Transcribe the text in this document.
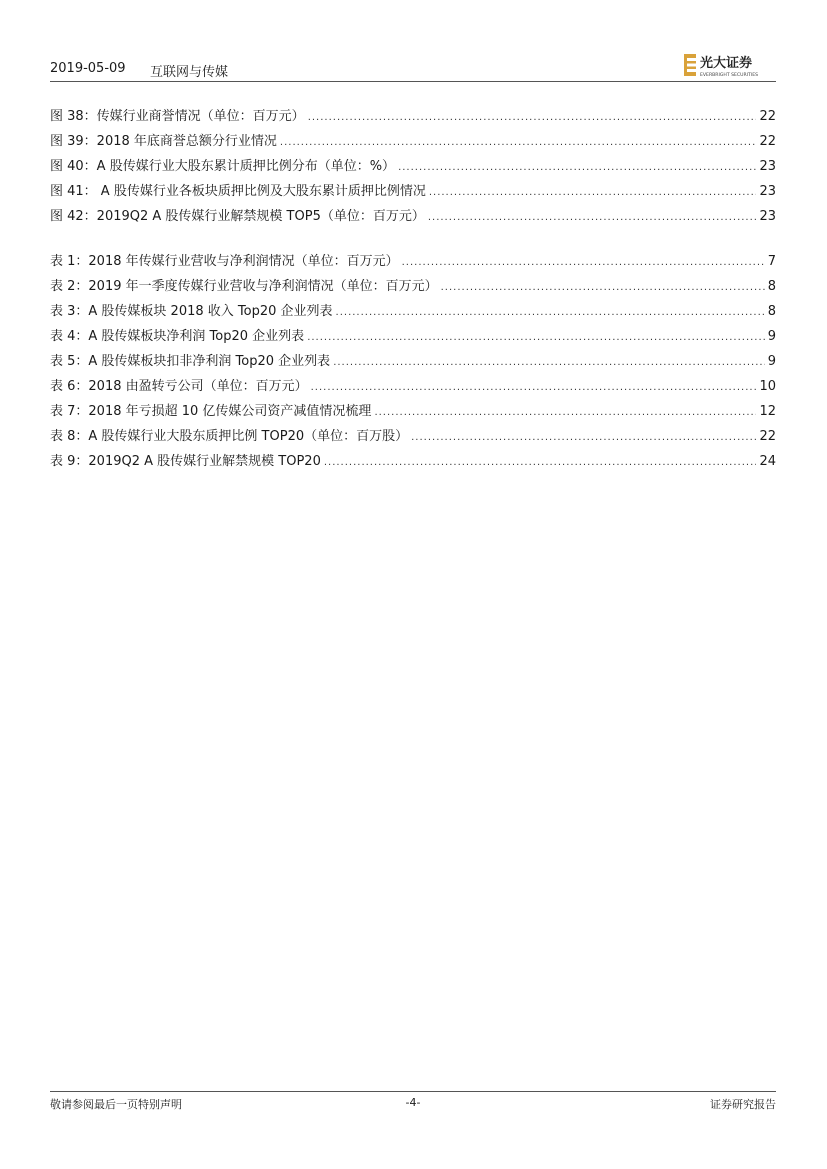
2019-05-09 互联网与传媒
光大证券
EVERBRIGHT SECURITIES
图 38：传媒行业商誉情况（单位：百万元） .....	22
图 39：2018 年底商誉总额分行业情况 .....	22
图 40：A 股传媒行业大股东累计质押比例分布（单位：%） .....	23
图 41： A 股传媒行业各板块质押比例及大股东累计质押比例情况 .....	23
图 42：2019Q2 A 股传媒行业解禁规模 TOP5（单位：百万元） .....	23
表 1：2018 年传媒行业营收与净利润情况（单位：百万元） .....	7
表 2：2019 年一季度传媒行业营收与净利润情况（单位：百万元） .....	8
表 3：A 股传媒板块 2018 收入 Top20 企业列表 .....	8
表 4：A 股传媒板块净利润 Top20 企业列表 .....	9
表 5：A 股传媒板块扣非净利润 Top20 企业列表 .....	9
表 6：2018 由盈转亏公司（单位：百万元） .....	10
表 7：2018 年亏损超 10 亿传媒公司资产减值情况梳理 .....	12
表 8：A 股传媒行业大股东质押比例 TOP20（单位：百万股） .....	22
表 9：2019Q2 A 股传媒行业解禁规模 TOP20 .....	24
敬请参阅最后一页特别声明	-4-	证券研究报告
